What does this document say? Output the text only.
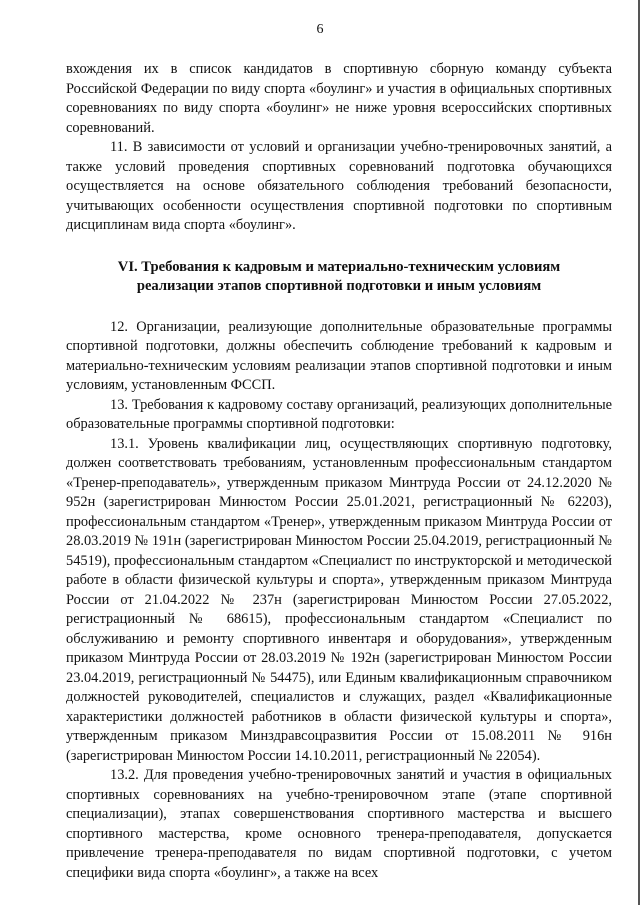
6

вхождения их в список кандидатов в спортивную сборную команду субъекта Российской Федерации по виду спорта «боулинг» и участия в официальных спортивных соревнованиях по виду спорта «боулинг» не ниже уровня всероссийских спортивных соревнований.

11. В зависимости от условий и организации учебно-тренировочных занятий, а также условий проведения спортивных соревнований подготовка обучающихся осуществляется на основе обязательного соблюдения требований безопасности, учитывающих особенности осуществления спортивной подготовки по спортивным дисциплинам вида спорта «боулинг».

VI. Требования к кадровым и материально-техническим условиям реализации этапов спортивной подготовки и иным условиям

12. Организации, реализующие дополнительные образовательные программы спортивной подготовки, должны обеспечить соблюдение требований к кадровым и материально-техническим условиям реализации этапов спортивной подготовки и иным условиям, установленным ФССП.

13. Требования к кадровому составу организаций, реализующих дополнительные образовательные программы спортивной подготовки:

13.1. Уровень квалификации лиц, осуществляющих спортивную подготовку, должен соответствовать требованиям, установленным профессиональным стандартом «Тренер-преподаватель», утвержденным приказом Минтруда России от 24.12.2020 № 952н (зарегистрирован Минюстом России 25.01.2021, регистрационный № 62203), профессиональным стандартом «Тренер», утвержденным приказом Минтруда России от 28.03.2019 № 191н (зарегистрирован Минюстом России 25.04.2019, регистрационный № 54519), профессиональным стандартом «Специалист по инструкторской и методической работе в области физической культуры и спорта», утвержденным приказом Минтруда России от 21.04.2022 № 237н (зарегистрирован Минюстом России 27.05.2022, регистрационный № 68615), профессиональным стандартом «Специалист по обслуживанию и ремонту спортивного инвентаря и оборудования», утвержденным приказом Минтруда России от 28.03.2019 № 192н (зарегистрирован Минюстом России 23.04.2019, регистрационный № 54475), или Единым квалификационным справочником должностей руководителей, специалистов и служащих, раздел «Квалификационные характеристики должностей работников в области физической культуры и спорта», утвержденным приказом Минздравсоцразвития России от 15.08.2011 № 916н (зарегистрирован Минюстом России 14.10.2011, регистрационный № 22054).

13.2. Для проведения учебно-тренировочных занятий и участия в официальных спортивных соревнованиях на учебно-тренировочном этапе (этапе спортивной специализации), этапах совершенствования спортивного мастерства и высшего спортивного мастерства, кроме основного тренера-преподавателя, допускается привлечение тренера-преподавателя по видам спортивной подготовки, с учетом специфики вида спорта «боулинг», а также на всех
